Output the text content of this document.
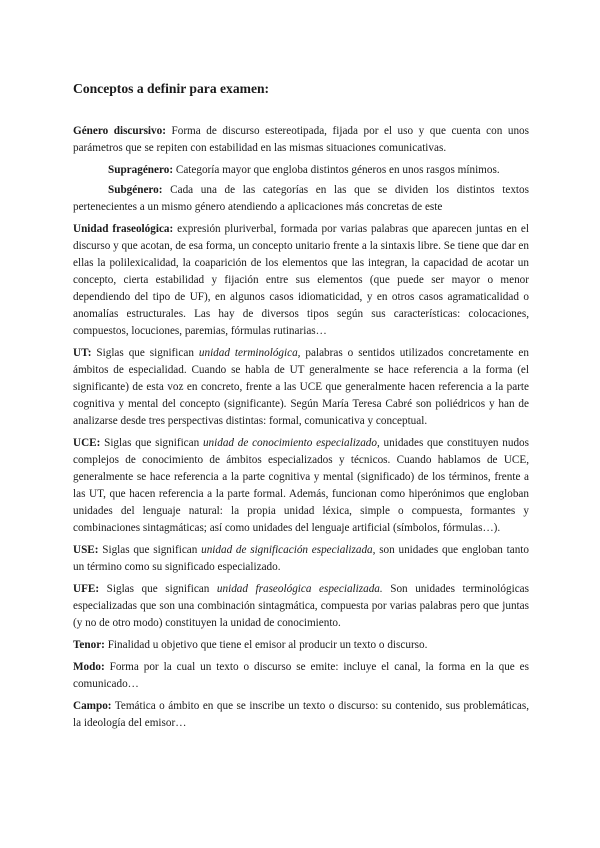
Conceptos a definir para examen:

Género discursivo: Forma de discurso estereotipada, fijada por el uso y que cuenta con unos parámetros que se repiten con estabilidad en las mismas situaciones comunicativas.

Supragénero: Categoría mayor que engloba distintos géneros en unos rasgos mínimos.

Subgénero: Cada una de las categorías en las que se dividen los distintos textos pertenecientes a un mismo género atendiendo a aplicaciones más concretas de este

Unidad fraseológica: expresión pluriverbal, formada por varias palabras que aparecen juntas en el discurso y que acotan, de esa forma, un concepto unitario frente a la sintaxis libre. Se tiene que dar en ellas la polilexicalidad, la coaparición de los elementos que las integran, la capacidad de acotar un concepto, cierta estabilidad y fijación entre sus elementos (que puede ser mayor o menor dependiendo del tipo de UF), en algunos casos idiomaticidad, y en otros casos agramaticalidad o anomalías estructurales. Las hay de diversos tipos según sus características: colocaciones, compuestos, locuciones, paremias, fórmulas rutinarias…

UT: Siglas que significan unidad terminológica, palabras o sentidos utilizados concretamente en ámbitos de especialidad. Cuando se habla de UT generalmente se hace referencia a la forma (el significante) de esta voz en concreto, frente a las UCE que generalmente hacen referencia a la parte cognitiva y mental del concepto (significante). Según María Teresa Cabré son poliédricos y han de analizarse desde tres perspectivas distintas: formal, comunicativa y conceptual.

UCE: Siglas que significan unidad de conocimiento especializado, unidades que constituyen nudos complejos de conocimiento de ámbitos especializados y técnicos. Cuando hablamos de UCE, generalmente se hace referencia a la parte cognitiva y mental (significado) de los términos, frente a las UT, que hacen referencia a la parte formal. Además, funcionan como hiperónimos que engloban unidades del lenguaje natural: la propia unidad léxica, simple o compuesta, formantes y combinaciones sintagmáticas; así como unidades del lenguaje artificial (símbolos, fórmulas…).

USE: Siglas que significan unidad de significación especializada, son unidades que engloban tanto un término como su significado especializado.

UFE: Siglas que significan unidad fraseológica especializada. Son unidades terminológicas especializadas que son una combinación sintagmática, compuesta por varias palabras pero que juntas (y no de otro modo) constituyen la unidad de conocimiento.

Tenor: Finalidad u objetivo que tiene el emisor al producir un texto o discurso.

Modo: Forma por la cual un texto o discurso se emite: incluye el canal, la forma en la que es comunicado…

Campo: Temática o ámbito en que se inscribe un texto o discurso: su contenido, sus problemáticas, la ideología del emisor…
